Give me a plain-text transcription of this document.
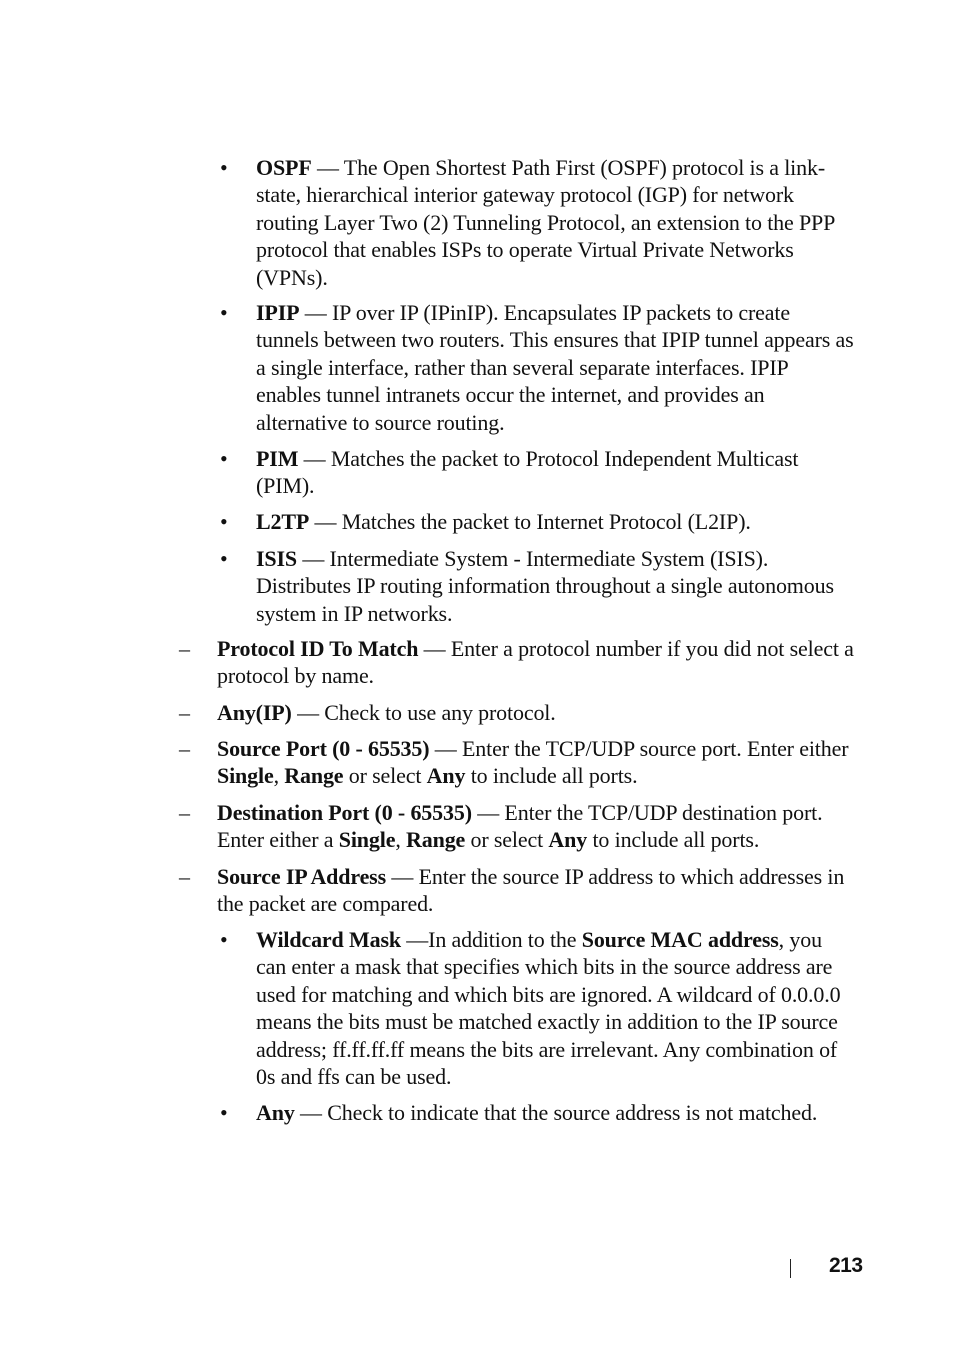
• OSPF — The Open Shortest Path First (OSPF) protocol is a link-state, hierarchical interior gateway protocol (IGP) for network routing Layer Two (2) Tunneling Protocol, an extension to the PPP protocol that enables ISPs to operate Virtual Private Networks (VPNs).
• IPIP — IP over IP (IPinIP). Encapsulates IP packets to create tunnels between two routers. This ensures that IPIP tunnel appears as a single interface, rather than several separate interfaces. IPIP enables tunnel intranets occur the internet, and provides an alternative to source routing.
• PIM — Matches the packet to Protocol Independent Multicast (PIM).
• L2TP — Matches the packet to Internet Protocol (L2IP).
• ISIS — Intermediate System - Intermediate System (ISIS). Distributes IP routing information throughout a single autonomous system in IP networks.
– Protocol ID To Match — Enter a protocol number if you did not select a protocol by name.
– Any(IP) — Check to use any protocol.
– Source Port (0 - 65535) — Enter the TCP/UDP source port. Enter either Single, Range or select Any to include all ports.
– Destination Port (0 - 65535) — Enter the TCP/UDP destination port. Enter either a Single, Range or select Any to include all ports.
– Source IP Address — Enter the source IP address to which addresses in the packet are compared.
• Wildcard Mask —In addition to the Source MAC address, you can enter a mask that specifies which bits in the source address are used for matching and which bits are ignored. A wildcard of 0.0.0.0 means the bits must be matched exactly in addition to the IP source address; ff.ff.ff.ff means the bits are irrelevant. Any combination of 0s and ffs can be used.
• Any — Check to indicate that the source address is not matched.
213
